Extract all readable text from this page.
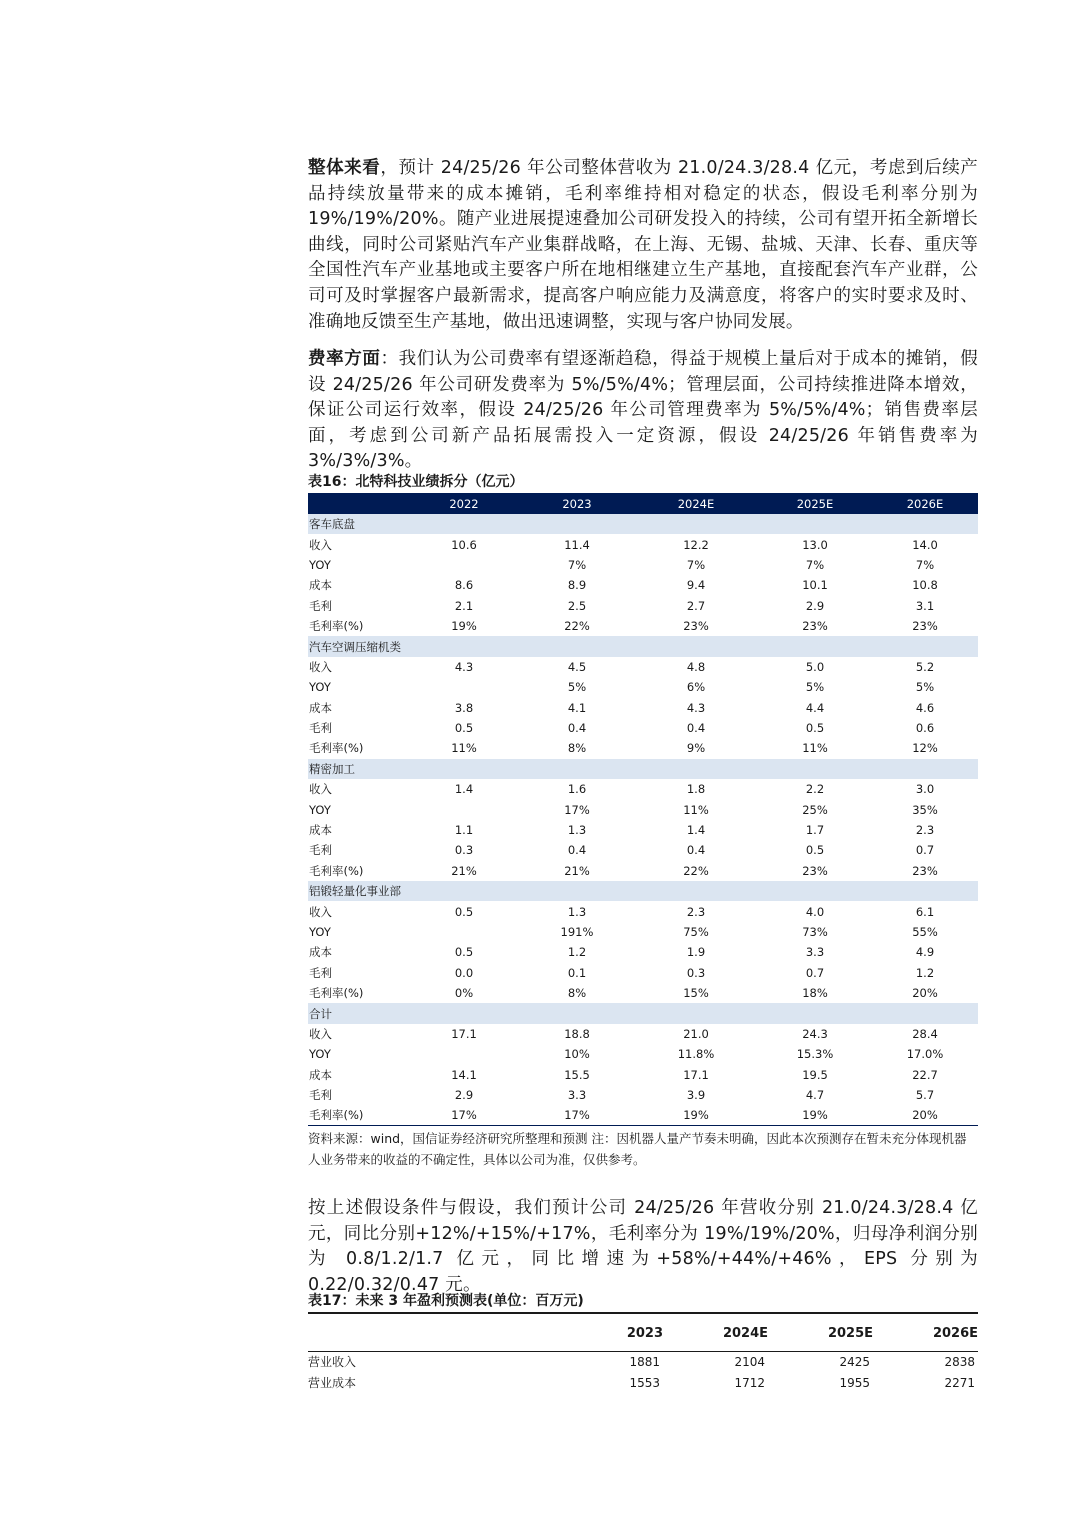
整体来看，预计 24/25/26 年公司整体营收为 21.0/24.3/28.4 亿元，考虑到后续产品持续放量带来的成本摊销，毛利率维持相对稳定的状态，假设毛利率分别为 19%/19%/20%。随产业进展提速叠加公司研发投入的持续，公司有望开拓全新增长曲线，同时公司紧贴汽车产业集群战略，在上海、无锡、盐城、天津、长春、重庆等全国性汽车产业基地或主要客户所在地相继建立生产基地，直接配套汽车产业群，公司可及时掌握客户最新需求，提高客户响应能力及满意度，将客户的实时要求及时、准确地反馈至生产基地，做出迅速调整，实现与客户协同发展。
费率方面：我们认为公司费率有望逐渐趋稳，得益于规模上量后对于成本的摊销，假设 24/25/26 年公司研发费率为 5%/5%/4%；管理层面，公司持续推进降本增效，保证公司运行效率，假设 24/25/26 年公司管理费率为 5%/5%/4%；销售费率层面，考虑到公司新产品拓展需投入一定资源，假设 24/25/26 年销售费率为 3%/3%/3%。
表16：北特科技业绩拆分（亿元）
	2022	2023	2024E	2025E	2026E
客车底盘					
收入	10.6	11.4	12.2	13.0	14.0
YOY		7%	7%	7%	7%
成本	8.6	8.9	9.4	10.1	10.8
毛利	2.1	2.5	2.7	2.9	3.1
毛利率(%)	19%	22%	23%	23%	23%
汽车空调压缩机类					
收入	4.3	4.5	4.8	5.0	5.2
YOY		5%	6%	5%	5%
成本	3.8	4.1	4.3	4.4	4.6
毛利	0.5	0.4	0.4	0.5	0.6
毛利率(%)	11%	8%	9%	11%	12%
精密加工					
收入	1.4	1.6	1.8	2.2	3.0
YOY		17%	11%	25%	35%
成本	1.1	1.3	1.4	1.7	2.3
毛利	0.3	0.4	0.4	0.5	0.7
毛利率(%)	21%	21%	22%	23%	23%
铝锻轻量化事业部					
收入	0.5	1.3	2.3	4.0	6.1
YOY		191%	75%	73%	55%
成本	0.5	1.2	1.9	3.3	4.9
毛利	0.0	0.1	0.3	0.7	1.2
毛利率(%)	0%	8%	15%	18%	20%
合计					
收入	17.1	18.8	21.0	24.3	28.4
YOY		10%	11.8%	15.3%	17.0%
成本	14.1	15.5	17.1	19.5	22.7
毛利	2.9	3.3	3.9	4.7	5.7
毛利率(%)	17%	17%	19%	19%	20%
资料来源：wind，国信证券经济研究所整理和预测 注：因机器人量产节奏未明确，因此本次预测存在暂未充分体现机器人业务带来的收益的不确定性，具体以公司为准，仅供参考。
按上述假设条件与假设，我们预计公司 24/25/26 年营收分别 21.0/24.3/28.4 亿元，同比分别+12%/+15%/+17%，毛利率分为 19%/19%/20%，归母净利润分别为 0.8/1.2/1.7 亿元，同比增速为+58%/+44%/+46%，EPS 分别为 0.22/0.32/0.47 元。
表17：未来 3 年盈利预测表(单位：百万元)
	2023	2024E	2025E	2026E
营业收入	1881	2104	2425	2838
营业成本	1553	1712	1955	2271
